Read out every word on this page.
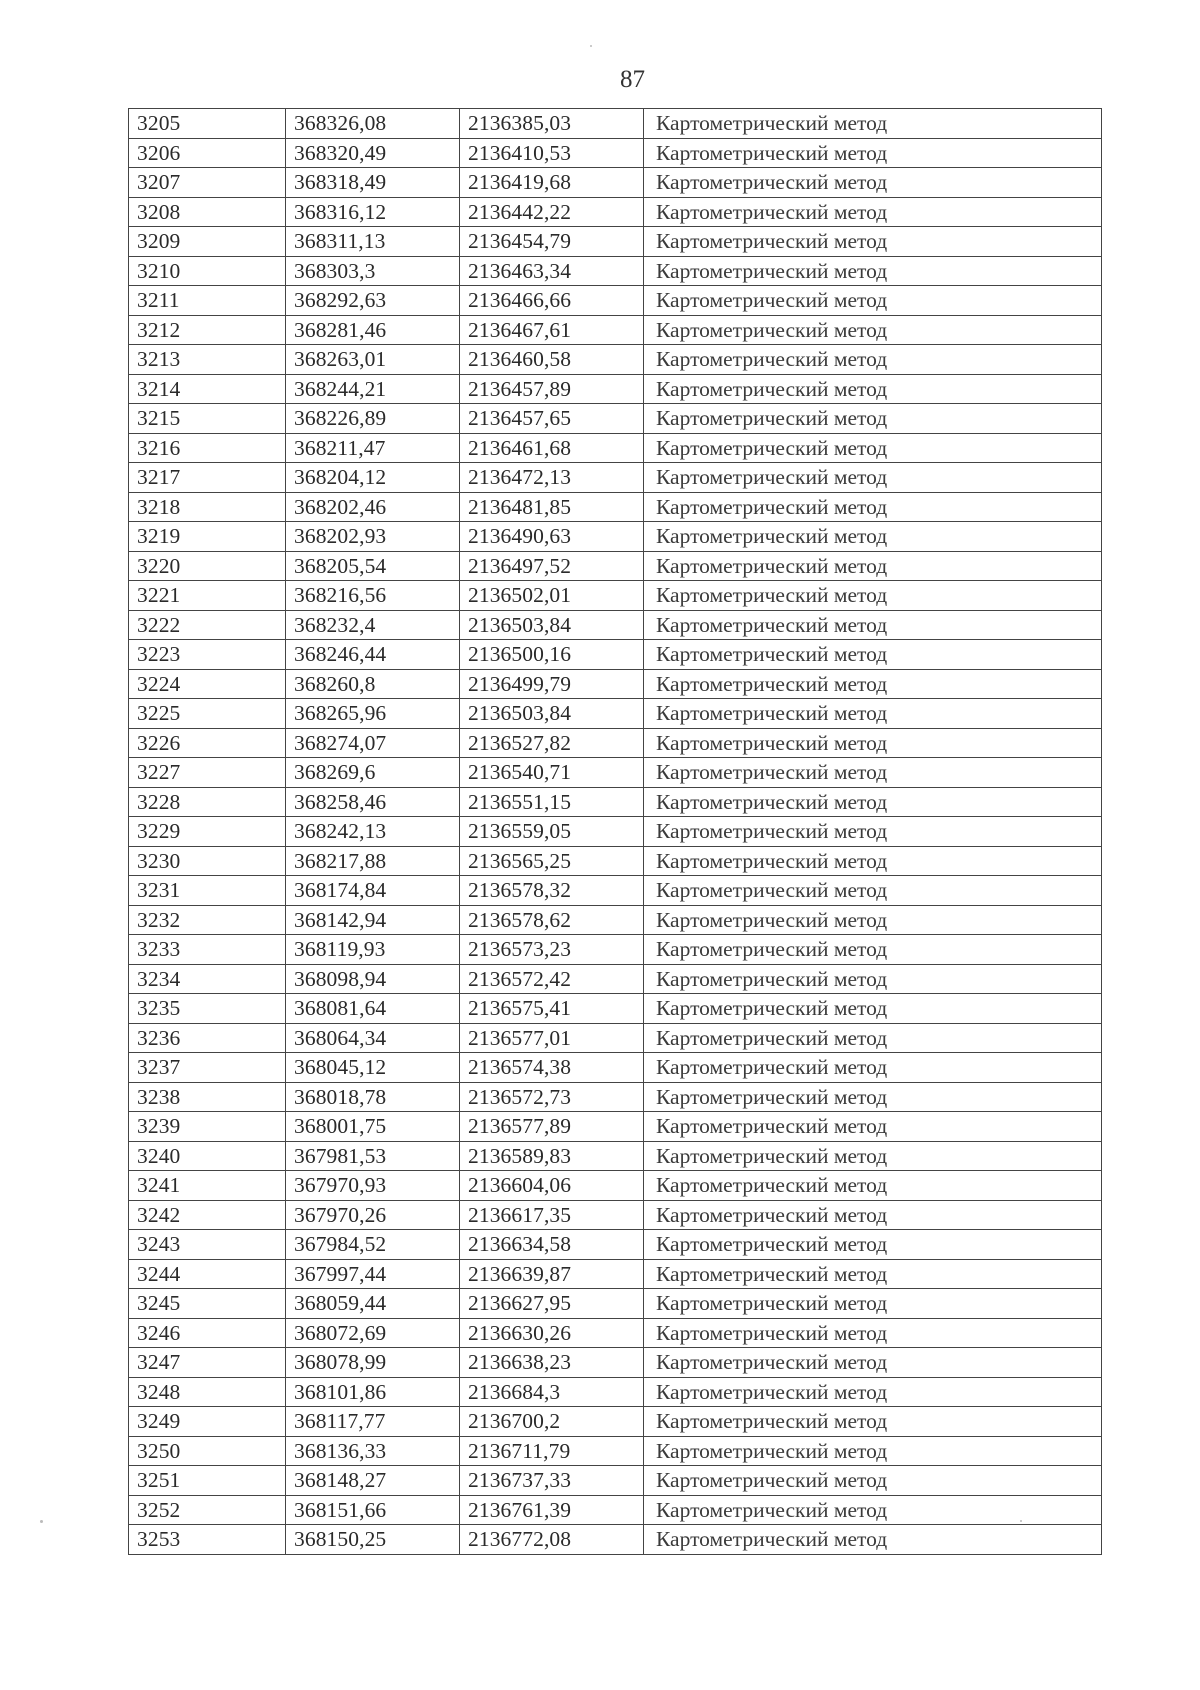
87
3205	368326,08	2136385,03	Картометрический метод
3206	368320,49	2136410,53	Картометрический метод
3207	368318,49	2136419,68	Картометрический метод
3208	368316,12	2136442,22	Картометрический метод
3209	368311,13	2136454,79	Картометрический метод
3210	368303,3	2136463,34	Картометрический метод
3211	368292,63	2136466,66	Картометрический метод
3212	368281,46	2136467,61	Картометрический метод
3213	368263,01	2136460,58	Картометрический метод
3214	368244,21	2136457,89	Картометрический метод
3215	368226,89	2136457,65	Картометрический метод
3216	368211,47	2136461,68	Картометрический метод
3217	368204,12	2136472,13	Картометрический метод
3218	368202,46	2136481,85	Картометрический метод
3219	368202,93	2136490,63	Картометрический метод
3220	368205,54	2136497,52	Картометрический метод
3221	368216,56	2136502,01	Картометрический метод
3222	368232,4	2136503,84	Картометрический метод
3223	368246,44	2136500,16	Картометрический метод
3224	368260,8	2136499,79	Картометрический метод
3225	368265,96	2136503,84	Картометрический метод
3226	368274,07	2136527,82	Картометрический метод
3227	368269,6	2136540,71	Картометрический метод
3228	368258,46	2136551,15	Картометрический метод
3229	368242,13	2136559,05	Картометрический метод
3230	368217,88	2136565,25	Картометрический метод
3231	368174,84	2136578,32	Картометрический метод
3232	368142,94	2136578,62	Картометрический метод
3233	368119,93	2136573,23	Картометрический метод
3234	368098,94	2136572,42	Картометрический метод
3235	368081,64	2136575,41	Картометрический метод
3236	368064,34	2136577,01	Картометрический метод
3237	368045,12	2136574,38	Картометрический метод
3238	368018,78	2136572,73	Картометрический метод
3239	368001,75	2136577,89	Картометрический метод
3240	367981,53	2136589,83	Картометрический метод
3241	367970,93	2136604,06	Картометрический метод
3242	367970,26	2136617,35	Картометрический метод
3243	367984,52	2136634,58	Картометрический метод
3244	367997,44	2136639,87	Картометрический метод
3245	368059,44	2136627,95	Картометрический метод
3246	368072,69	2136630,26	Картометрический метод
3247	368078,99	2136638,23	Картометрический метод
3248	368101,86	2136684,3	Картометрический метод
3249	368117,77	2136700,2	Картометрический метод
3250	368136,33	2136711,79	Картометрический метод
3251	368148,27	2136737,33	Картометрический метод
3252	368151,66	2136761,39	Картометрический метод
3253	368150,25	2136772,08	Картометрический метод
